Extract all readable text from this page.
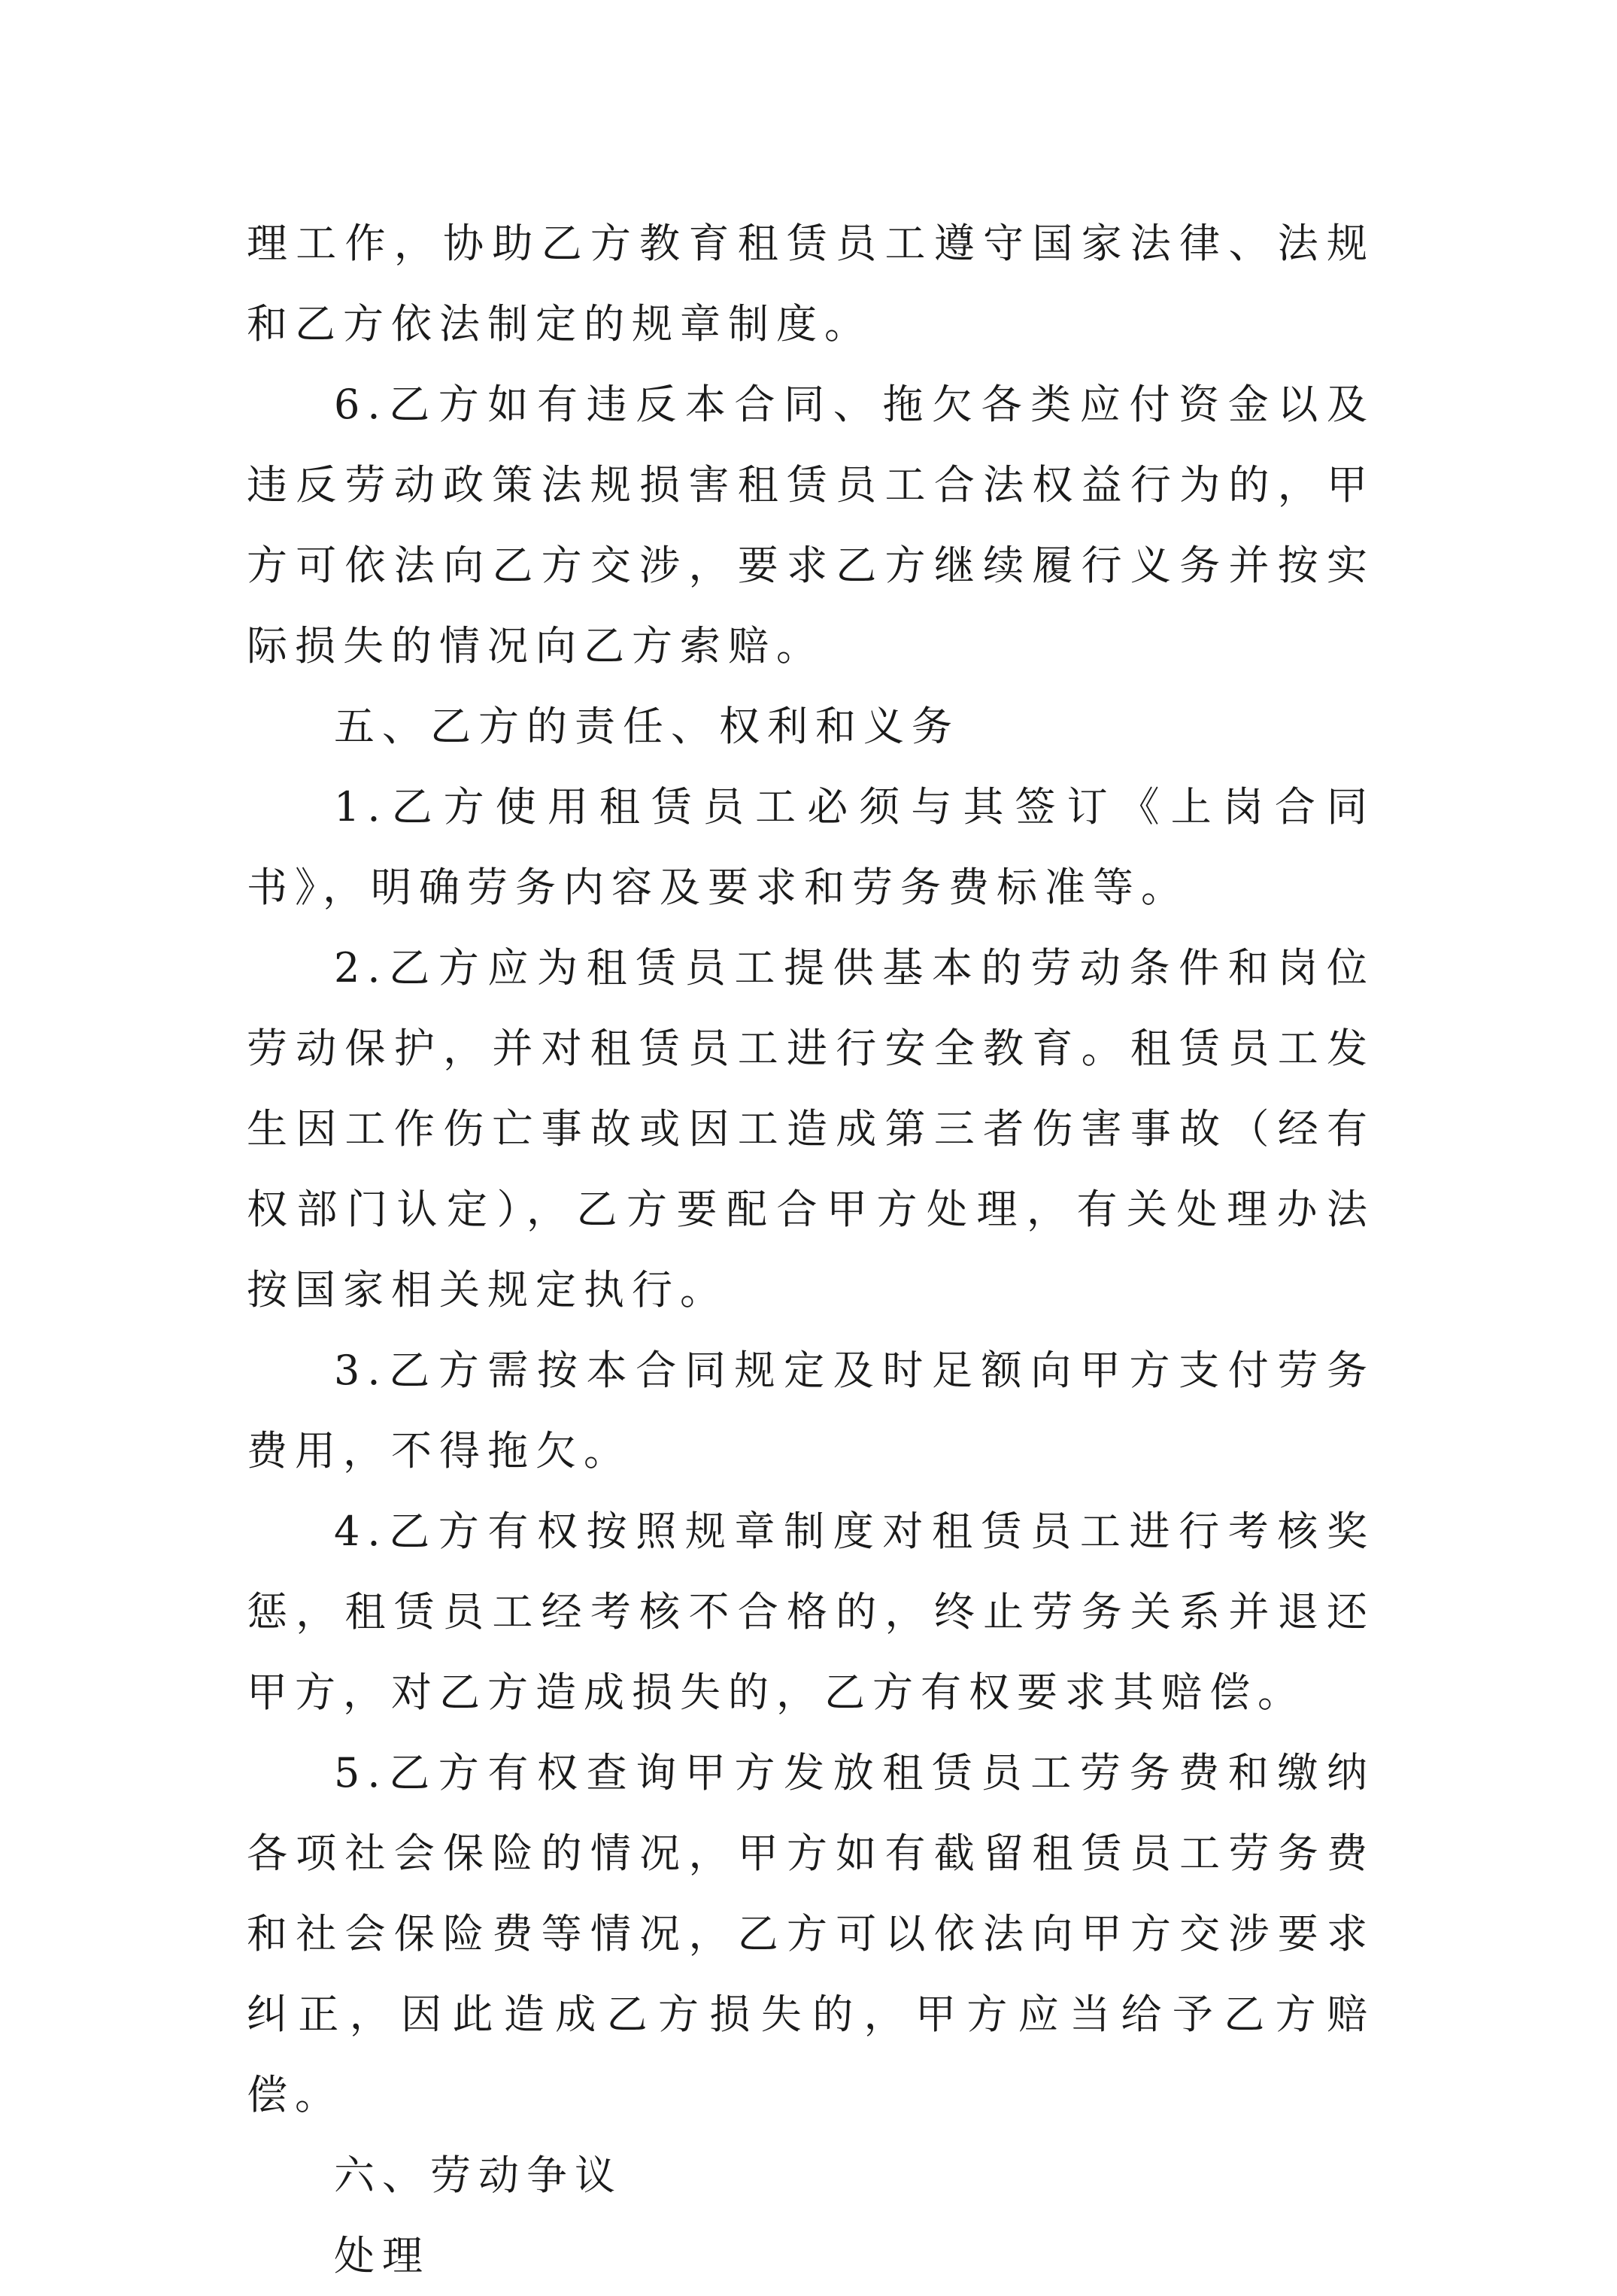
理工作，协助乙方教育租赁员工遵守国家法律、法规和乙方依法制定的规章制度。

6.乙方如有违反本合同、拖欠各类应付资金以及违反劳动政策法规损害租赁员工合法权益行为的，甲方可依法向乙方交涉，要求乙方继续履行义务并按实际损失的情况向乙方索赔。

五、乙方的责任、权利和义务

1.乙方使用租赁员工必须与其签订《上岗合同书》，明确劳务内容及要求和劳务费标准等。

2.乙方应为租赁员工提供基本的劳动条件和岗位劳动保护，并对租赁员工进行安全教育。租赁员工发生因工作伤亡事故或因工造成第三者伤害事故（经有权部门认定），乙方要配合甲方处理，有关处理办法按国家相关规定执行。

3.乙方需按本合同规定及时足额向甲方支付劳务费用，不得拖欠。

4.乙方有权按照规章制度对租赁员工进行考核奖惩，租赁员工经考核不合格的，终止劳务关系并退还甲方，对乙方造成损失的，乙方有权要求其赔偿。

5.乙方有权查询甲方发放租赁员工劳务费和缴纳各项社会保险的情况，甲方如有截留租赁员工劳务费和社会保险费等情况，乙方可以依法向甲方交涉要求纠正，因此造成乙方损失的，甲方应当给予乙方赔偿。

六、劳动争议

处理
